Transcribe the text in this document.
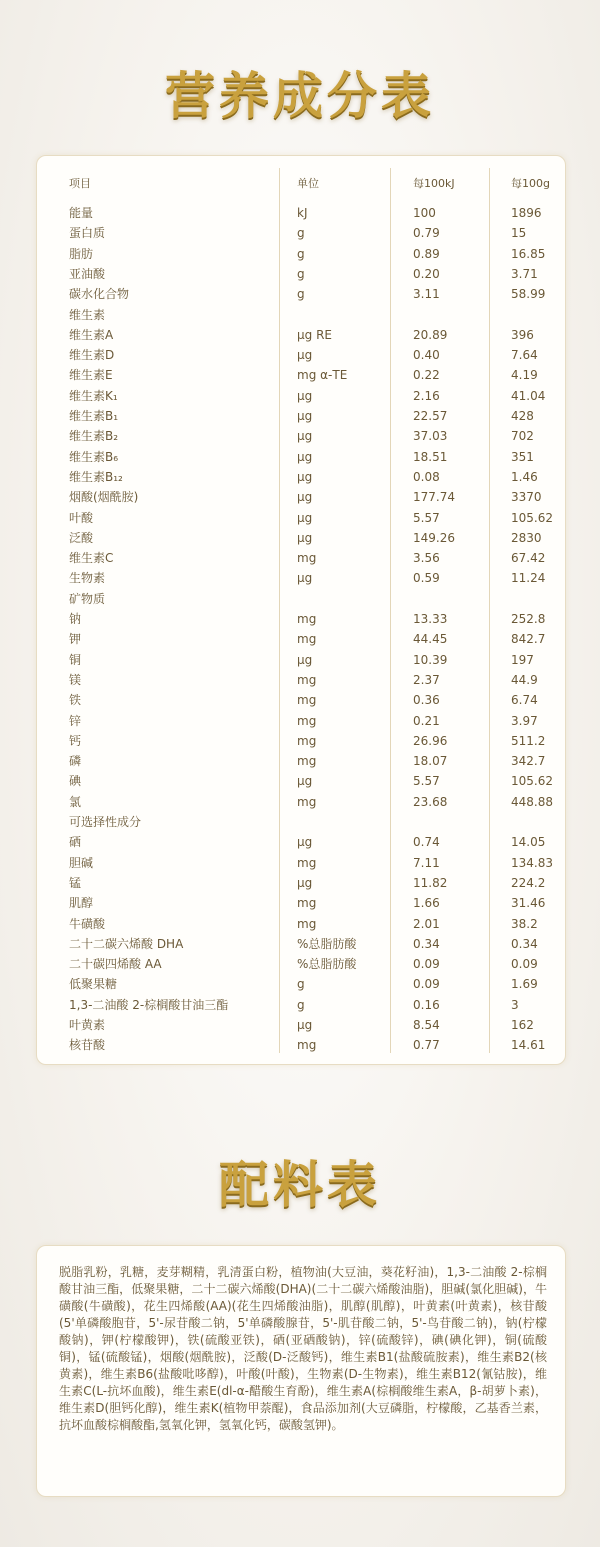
营养成分表
项目	单位	每100kJ	每100g
能量	kJ	100	1896
蛋白质	g	0.79	15
脂肪	g	0.89	16.85
亚油酸	g	0.20	3.71
碳水化合物	g	3.11	58.99
维生素
维生素A	μg RE	20.89	396
维生素D	μg	0.40	7.64
维生素E	mg α-TE	0.22	4.19
维生素K₁	μg	2.16	41.04
维生素B₁	μg	22.57	428
维生素B₂	μg	37.03	702
维生素B₆	μg	18.51	351
维生素B₁₂	μg	0.08	1.46
烟酸(烟酰胺)	μg	177.74	3370
叶酸	μg	5.57	105.62
泛酸	μg	149.26	2830
维生素C	mg	3.56	67.42
生物素	μg	0.59	11.24
矿物质
钠	mg	13.33	252.8
钾	mg	44.45	842.7
铜	μg	10.39	197
镁	mg	2.37	44.9
铁	mg	0.36	6.74
锌	mg	0.21	3.97
钙	mg	26.96	511.2
磷	mg	18.07	342.7
碘	μg	5.57	105.62
氯	mg	23.68	448.88
可选择性成分
硒	μg	0.74	14.05
胆碱	mg	7.11	134.83
锰	μg	11.82	224.2
肌醇	mg	1.66	31.46
牛磺酸	mg	2.01	38.2
二十二碳六烯酸 DHA	%总脂肪酸	0.34	0.34
二十碳四烯酸 AA	%总脂肪酸	0.09	0.09
低聚果糖	g	0.09	1.69
1,3-二油酸 2-棕榈酸甘油三酯	g	0.16	3
叶黄素	μg	8.54	162
核苷酸	mg	0.77	14.61
配料表
脱脂乳粉，乳糖，麦芽糊精，乳清蛋白粉，植物油(大豆油，葵花籽油)，1,3-二油酸 2-棕榈酸甘油三酯，低聚果糖，二十二碳六烯酸(DHA)(二十二碳六烯酸油脂)，胆碱(氯化胆碱)，牛磺酸(牛磺酸)，花生四烯酸(AA)(花生四烯酸油脂)，肌醇(肌醇)，叶黄素(叶黄素)，核苷酸(5'单磷酸胞苷，5'-尿苷酸二钠，5'单磷酸腺苷，5'-肌苷酸二钠，5'-鸟苷酸二钠)，钠(柠檬酸钠)，钾(柠檬酸钾)，铁(硫酸亚铁)，硒(亚硒酸钠)，锌(硫酸锌)，碘(碘化钾)，铜(硫酸铜)，锰(硫酸锰)，烟酸(烟酰胺)，泛酸(D-泛酸钙)，维生素B1(盐酸硫胺素)，维生素B2(核黄素)，维生素B6(盐酸吡哆醇)，叶酸(叶酸)，生物素(D-生物素)，维生素B12(氰钴胺)，维生素C(L-抗坏血酸)，维生素E(dl-α-醋酸生育酚)，维生素A(棕榈酸维生素A，β-胡萝卜素)，维生素D(胆钙化醇)，维生素K(植物甲萘醌)，食品添加剂(大豆磷脂，柠檬酸，乙基香兰素，抗坏血酸棕榈酸酯,氢氧化钾，氢氧化钙，碳酸氢钾)。
